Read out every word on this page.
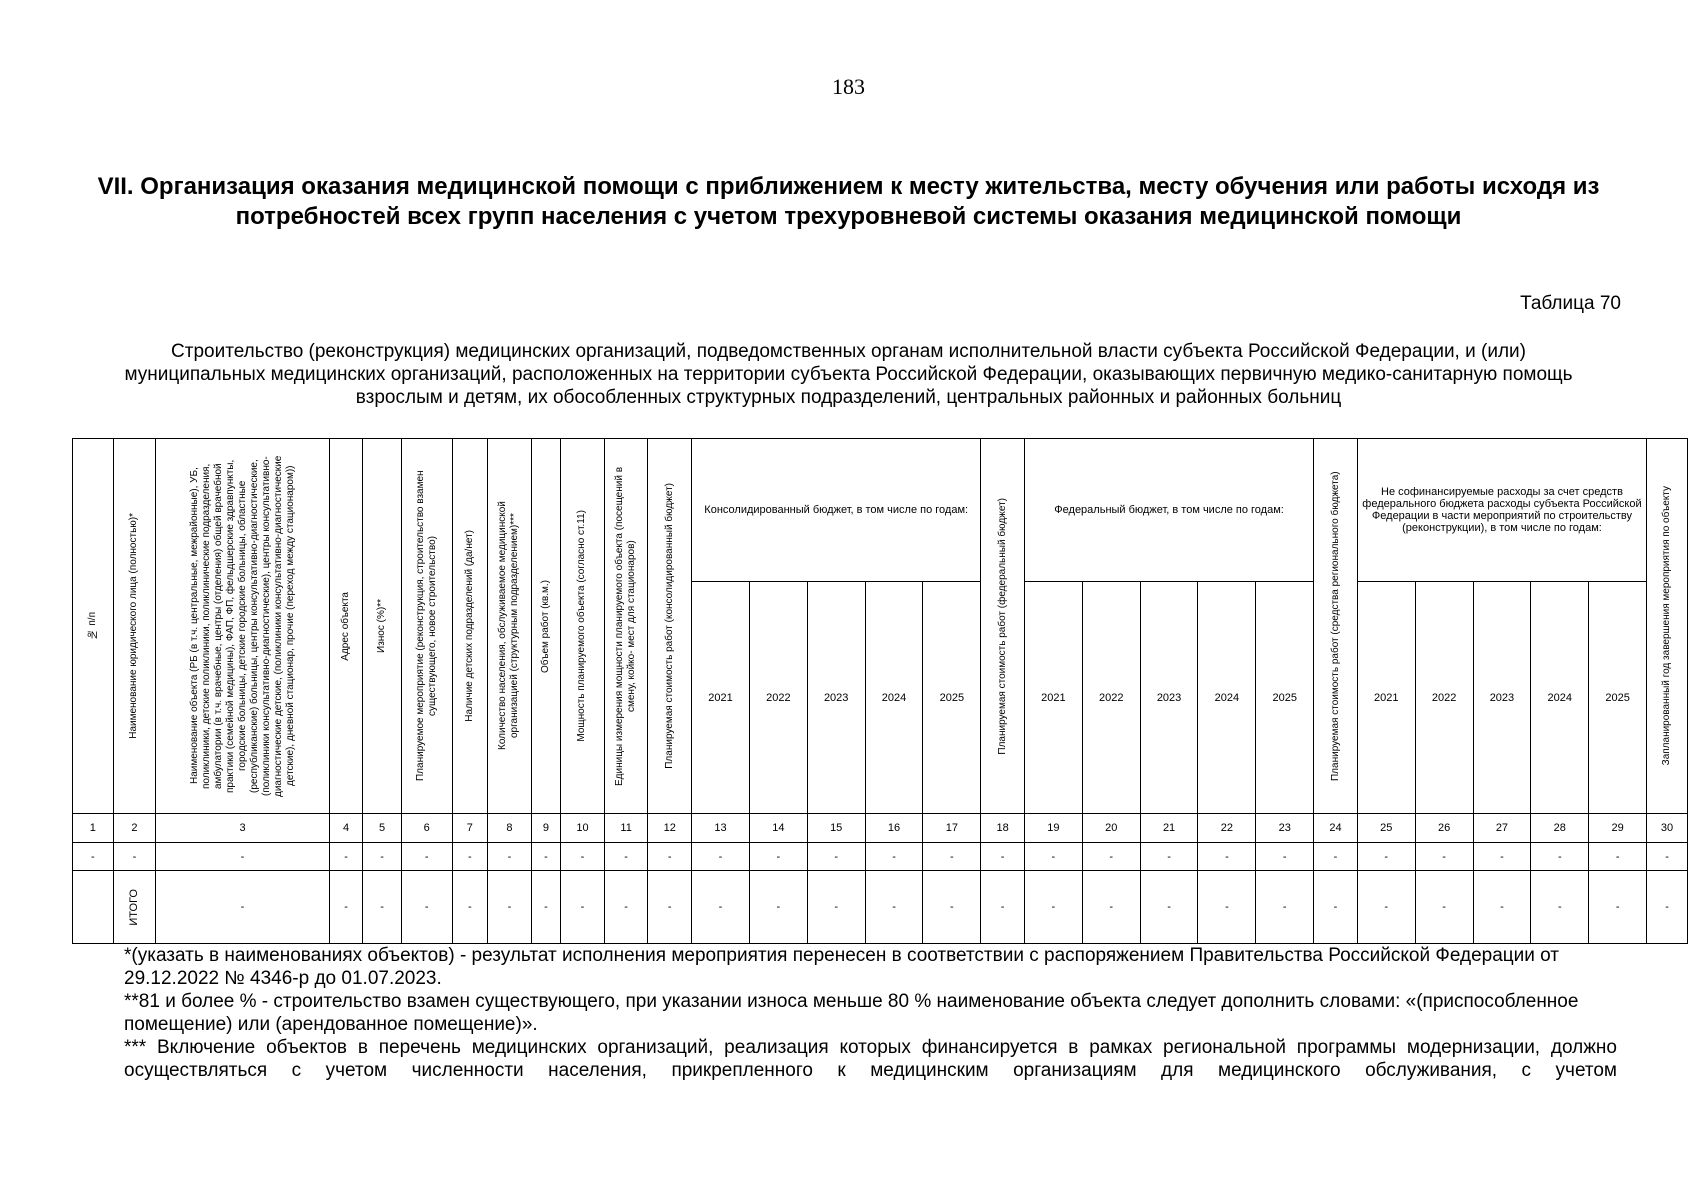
183
VII. Организация оказания медицинской помощи с приближением к месту жительства, месту обучения или работы исходя из потребностей всех групп населения с учетом трехуровневой системы оказания медицинской помощи
Таблица 70
Строительство (реконструкция) медицинских организаций, подведомственных органам исполнительной власти субъекта Российской Федерации, и (или) муниципальных медицинских организаций, расположенных на территории субъекта Российской Федерации, оказывающих первичную медико-санитарную помощь взрослым и детям, их обособленных структурных подразделений, центральных районных и районных больниц
№ п/п	Наименование юридического лица (полностью)*	Наименование объекта (РБ (в т.ч. центральные, межрайонные), УБ, поликлиники, детские поликлиники, поликлинические подразделения, амбулатории (в т.ч. врачебные, центры (отделения) общей врачебной практики (семейной медицины), ФАП, ФП, фельдшерские здравпункты, городские больницы, детские городские больницы, областные (республиканские) больницы, центры консультативно-диагностические, (поликлиники консультативно-диагностические), центры консультативно-диагностические детские, (поликлиники консультативно-диагностические детские), дневной стационар, прочие (переход между стационаром))	Адрес объекта	Износ (%)**	Планируемое мероприятие (реконструкция, строительство взамен существующего, новое строительство)	Наличие детских подразделений (да/нет)	Количество населения, обслуживаемое медицинской организацией (структурным подразделением)***	Объем работ (кв.м.)	Мощность планируемого объекта (согласно ст.11)	Единицы измерения мощности планируемого объекта (посещений в смену, койко- мест для стационаров)	Планируемая стоимость работ (консолидированный бюджет)	Консолидированный бюджет, в том числе по годам:					Планируемая стоимость работ (федеральный бюджет)	Федеральный бюджет, в том числе по годам:					Планируемая стоимость работ (средства регионального бюджета)	Не софинансируемые расходы за счет средств федерального бюджета расходы субъекта Российской Федерации в части мероприятий по строительству (реконструкции), в том числе по годам:					Запланированный год завершения мероприятия по объекту

												2021	2022	2023	2024	2025		2021	2022	2023	2024	2025		2021	2022	2023	2024	2025	
1	2	3	4	5	6	7	8	9	10	11	12	13	14	15	16	17	18	19	20	21	22	23	24	25	26	27	28	29	30
-	-	-	-	-	-	-	-	-	-	-	-	-	-	-	-	-	-	-	-	-	-	-	-	-	-	-	-	-	-

	ИТОГО	-	-	-	-	-	-	-	-	-	-	-	-	-	-	-	-	-	-	-	-	-	-	-	-	-	-	-	-

*(указать в наименованиях объектов) - результат исполнения мероприятия перенесен в соответствии с распоряжением Правительства Российской Федерации от 29.12.2022 № 4346-р до 01.07.2023.

**81 и более % - строительство взамен существующего, при указании износа меньше 80 % наименование объекта следует дополнить словами: «(приспособленное помещение) или (арендованное помещение)».

*** Включение объектов в перечень медицинских организаций, реализация которых финансируется в рамках региональной программы модернизации, должно осуществляться с учетом численности населения, прикрепленного к медицинским организациям для медицинского обслуживания, с учетом
